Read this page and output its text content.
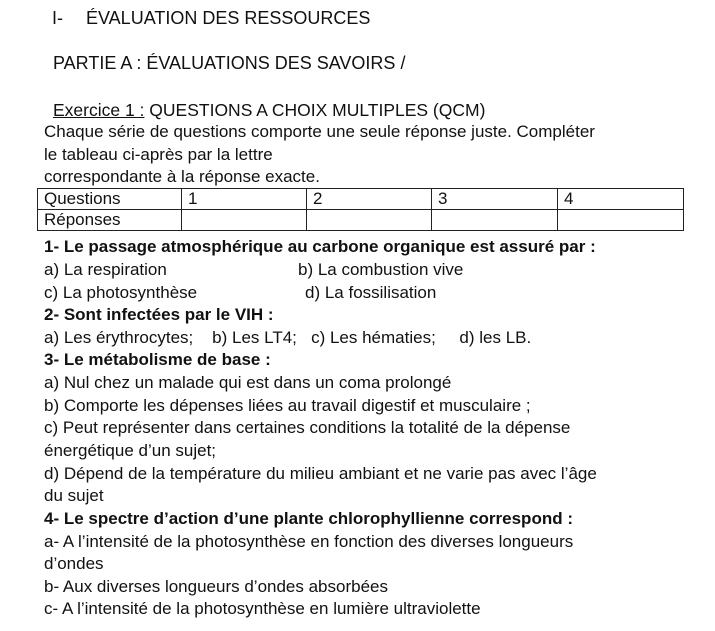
I- ÉVALUATION DES RESSOURCES
PARTIE A : ÉVALUATIONS DES SAVOIRS /
Exercice 1 : QUESTIONS A CHOIX MULTIPLES (QCM)
Chaque série de questions comporte une seule réponse juste. Compléter
le tableau ci-après par la lettre
correspondante à la réponse exacte.
Questions	1	2	3	4
Réponses				
1- Le passage atmosphérique au carbone organique est assuré par :
a) La respiration	b) La combustion vive
c) La photosynthèse	d) La fossilisation
2- Sont infectées par le VIH :
a) Les érythrocytes;    b) Les LT4;   c) Les hématies;     d) les LB.
3- Le métabolisme de base :
a) Nul chez un malade qui est dans un coma prolongé
b) Comporte les dépenses liées au travail digestif et musculaire ;
c) Peut représenter dans certaines conditions la totalité de la dépense
énergétique d’un sujet;
d) Dépend de la température du milieu ambiant et ne varie pas avec l’âge
du sujet
4- Le spectre d’action d’une plante chlorophyllienne correspond :
a- A l’intensité de la photosynthèse en fonction des diverses longueurs
d’ondes
b- Aux diverses longueurs d’ondes absorbées
c- A l’intensité de la photosynthèse en lumière ultraviolette
